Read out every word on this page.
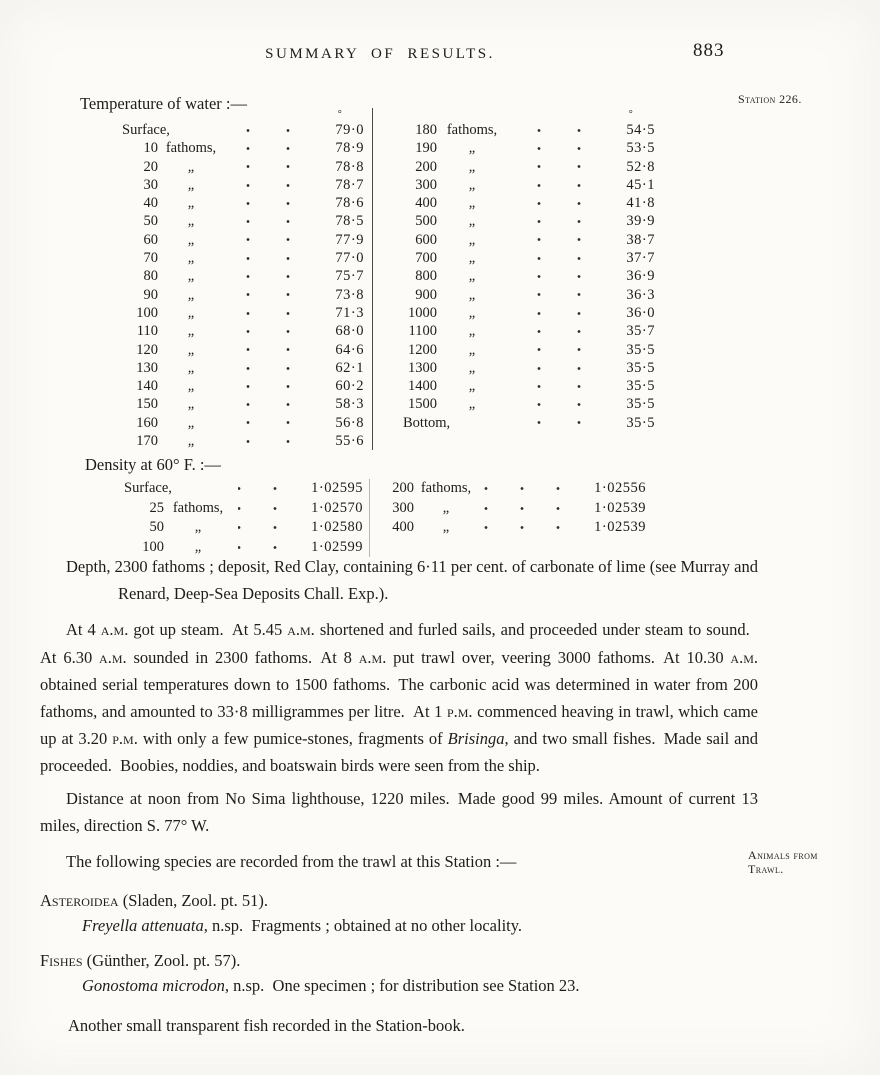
SUMMARY OF RESULTS.	883
Station 226.
Animals from
Trawl.
Temperature of water :—
°
Surface,	79·0
10 fathoms,	78·9
20	„	78·8
30	„	78·7
40	„	78·6
50	„	78·5
60	„	77·9
70	„	77·0
80	„	75·7
90	„	73·8
100	„	71·3
110	„	68·0
120	„	64·6
130	„	62·1
140	„	60·2
150	„	58·3
160	„	56·8
170	„	55·6
°
180 fathoms,	54·5
190	„	53·5
200	„	52·8
300	„	45·1
400	„	41·8
500	„	39·9
600	„	38·7
700	„	37·7
800	„	36·9
900	„	36·3
1000	„	36·0
1100	„	35·7
1200	„	35·5
1300	„	35·5
1400	„	35·5
1500	„	35·5
Bottom,	35·5
Density at 60° F. :—
Surface,	1·02595
25 fathoms,	1·02570
50	„	1·02580
100	„	1·02599
200 fathoms,	1·02556
300	„	1·02539
400	„	1·02539

Depth, 2300 fathoms ; deposit, Red Clay, containing 6·11 per cent. of carbonate of lime (see Murray and Renard, Deep-Sea Deposits Chall. Exp.).

At 4 a.m. got up steam. At 5.45 a.m. shortened and furled sails, and proceeded under steam to sound. At 6.30 a.m. sounded in 2300 fathoms. At 8 a.m. put trawl over, veering 3000 fathoms. At 10.30 a.m. obtained serial temperatures down to 1500 fathoms. The carbonic acid was determined in water from 200 fathoms, and amounted to 33·8 milligrammes per litre. At 1 p.m. commenced heaving in trawl, which came up at 3.20 p.m. with only a few pumice-stones, fragments of Brisinga, and two small fishes. Made sail and proceeded. Boobies, noddies, and boatswain birds were seen from the ship.

Distance at noon from No Sima lighthouse, 1220 miles. Made good 99 miles. Amount of current 13 miles, direction S. 77° W.

The following species are recorded from the trawl at this Station :—

Asteroidea (Sladen, Zool. pt. 51).
Freyella attenuata, n.sp. Fragments ; obtained at no other locality.
Fishes (Günther, Zool. pt. 57).
Gonostoma microdon, n.sp. One specimen ; for distribution see Station 23.

Another small transparent fish recorded in the Station-book.
